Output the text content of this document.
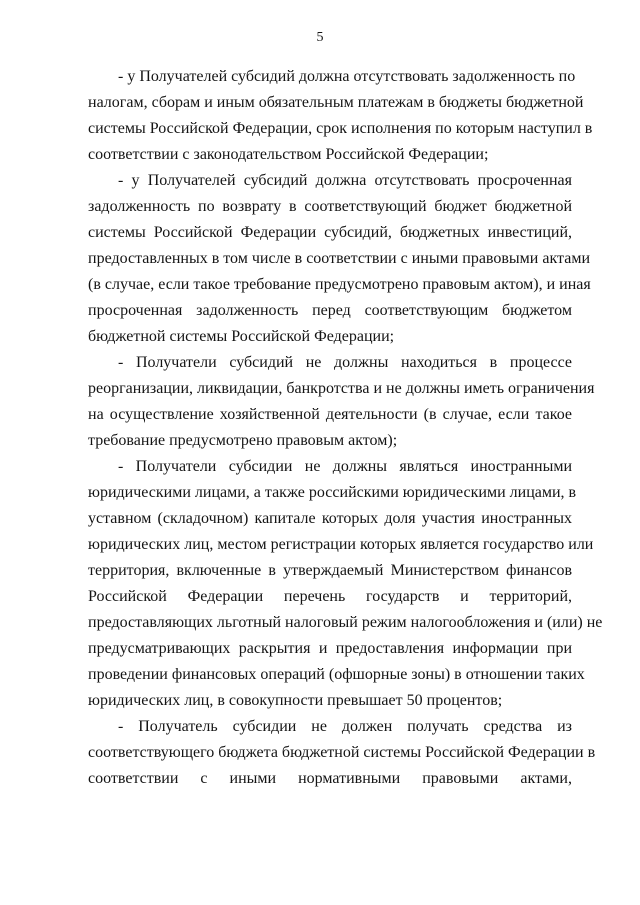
5
- у Получателей субсидий должна отсутствовать задолженность по
налогам, сборам и иным обязательным платежам в бюджеты бюджетной
системы Российской Федерации, срок исполнения по которым наступил в
соответствии с законодательством Российской Федерации;
- у Получателей субсидий должна отсутствовать просроченная
задолженность по возврату в соответствующий бюджет бюджетной
системы Российской Федерации субсидий, бюджетных инвестиций,
предоставленных в том числе в соответствии с иными правовыми актами
(в случае, если такое требование предусмотрено правовым актом), и иная
просроченная задолженность перед соответствующим бюджетом
бюджетной системы Российской Федерации;
- Получатели субсидий не должны находиться в процессе
реорганизации, ликвидации, банкротства и не должны иметь ограничения
на осуществление хозяйственной деятельности (в случае, если такое
требование предусмотрено правовым актом);
- Получатели субсидии не должны являться иностранными
юридическими лицами, а также российскими юридическими лицами, в
уставном (складочном) капитале которых доля участия иностранных
юридических лиц, местом регистрации которых является государство или
территория, включенные в утверждаемый Министерством финансов
Российской Федерации перечень государств и территорий,
предоставляющих льготный налоговый режим налогообложения и (или) не
предусматривающих раскрытия и предоставления информации при
проведении финансовых операций (офшорные зоны) в отношении таких
юридических лиц, в совокупности превышает 50 процентов;
- Получатель субсидии не должен получать средства из
соответствующего бюджета бюджетной системы Российской Федерации в
соответствии с иными нормативными правовыми актами,
